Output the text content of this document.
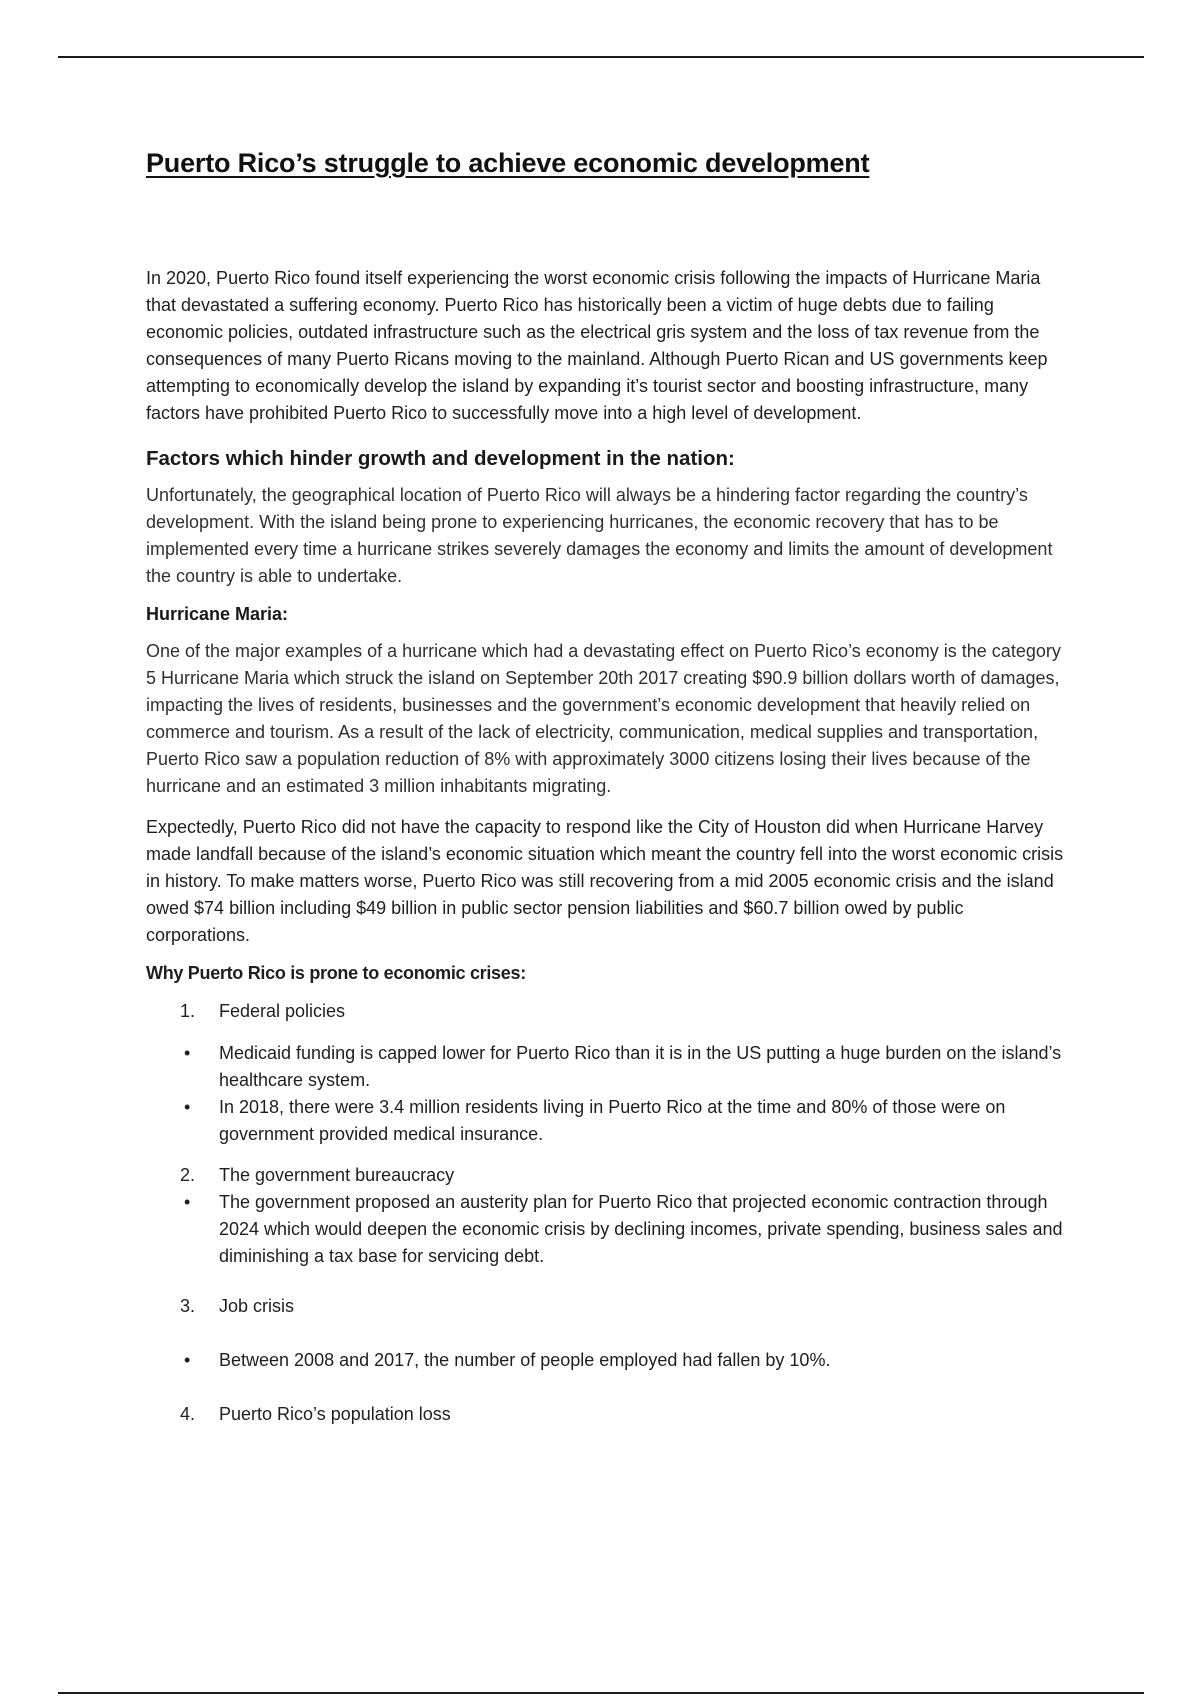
Puerto Rico’s struggle to achieve economic development

In 2020, Puerto Rico found itself experiencing the worst economic crisis following the impacts of Hurricane Maria that devastated a suffering economy. Puerto Rico has historically been a victim of huge debts due to failing economic policies, outdated infrastructure such as the electrical gris system and the loss of tax revenue from the consequences of many Puerto Ricans moving to the mainland. Although Puerto Rican and US governments keep attempting to economically develop the island by expanding it’s tourist sector and boosting infrastructure, many factors have prohibited Puerto Rico to successfully move into a high level of development.

Factors which hinder growth and development in the nation:

Unfortunately, the geographical location of Puerto Rico will always be a hindering factor regarding the country’s development. With the island being prone to experiencing hurricanes, the economic recovery that has to be implemented every time a hurricane strikes severely damages the economy and limits the amount of development the country is able to undertake.

Hurricane Maria:

One of the major examples of a hurricane which had a devastating effect on Puerto Rico’s economy is the category 5 Hurricane Maria which struck the island on September 20th 2017 creating $90.9 billion dollars worth of damages, impacting the lives of residents, businesses and the government’s economic development that heavily relied on commerce and tourism. As a result of the lack of electricity, communication, medical supplies and transportation, Puerto Rico saw a population reduction of 8% with approximately 3000 citizens losing their lives because of the hurricane and an estimated 3 million inhabitants migrating.

Expectedly, Puerto Rico did not have the capacity to respond like the City of Houston did when Hurricane Harvey made landfall because of the island’s economic situation which meant the country fell into the worst economic crisis in history. To make matters worse, Puerto Rico was still recovering from a mid 2005 economic crisis and the island owed $74 billion including $49 billion in public sector pension liabilities and $60.7 billion owed by public corporations.

Why Puerto Rico is prone to economic crises:
1. Federal policies
• Medicaid funding is capped lower for Puerto Rico than it is in the US putting a huge burden on the island’s healthcare system.
• In 2018, there were 3.4 million residents living in Puerto Rico at the time and 80% of those were on government provided medical insurance.
2. The government bureaucracy
• The government proposed an austerity plan for Puerto Rico that projected economic contraction through 2024 which would deepen the economic crisis by declining incomes, private spending, business sales and diminishing a tax base for servicing debt.
3. Job crisis
• Between 2008 and 2017, the number of people employed had fallen by 10%.
4. Puerto Rico’s population loss
